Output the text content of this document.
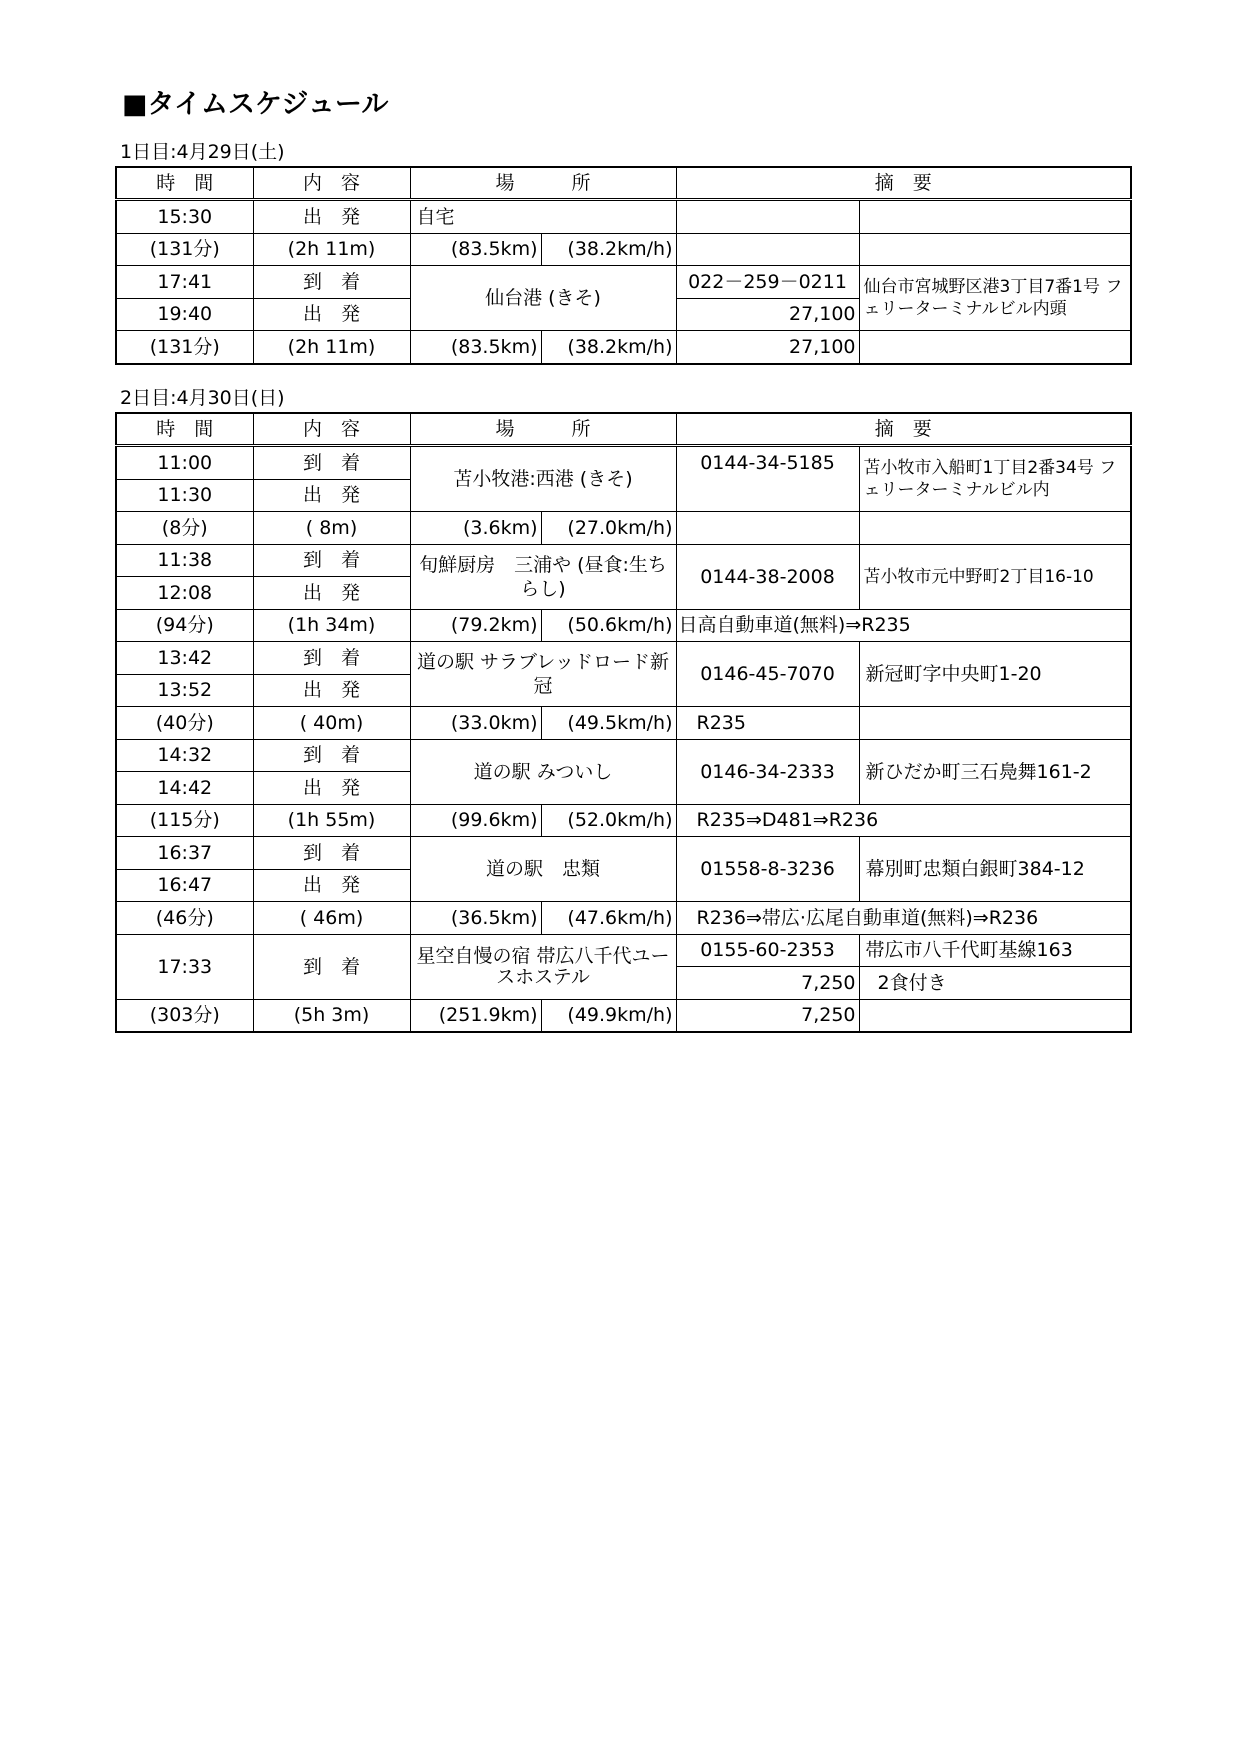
■タイムスケジュール
1日目:4月29日(土)
時　間	内　容	場　　　所		摘　要	
15:30	出　発	自宅			
(131分)	(2h 11m)	(83.5km)	(38.2km/h)		
17:41	到　着	仙台港 (きそ)		022－259－0211	仙台市宮城野区港3丁目7番1号 フェリーターミナルビル内頭
19:40	出　発			27,100	
(131分)	(2h 11m)	(83.5km)	(38.2km/h)	27,100	
2日目:4月30日(日)
時　間	内　容	場　　　所		摘　要	
11:00	到　着	苫小牧港:西港 (きそ)		0144-34-5185	苫小牧市入船町1丁目2番34号 フェリーターミナルビル内
11:30	出　発				
(8分)	( 8m)	(3.6km)	(27.0km/h)		
11:38	到　着	旬鮮厨房　三浦や (昼食:生ちらし)		0144-38-2008	苫小牧市元中野町2丁目16-10
12:08	出　発				
(94分)	(1h 34m)	(79.2km)	(50.6km/h)	日高自動車道(無料)⇒R235	
13:42	到　着	道の駅 サラブレッドロード新冠		0146-45-7070	新冠町字中央町1-20
13:52	出　発				
(40分)	( 40m)	(33.0km)	(49.5km/h)	R235	
14:32	到　着	道の駅 みついし		0146-34-2333	新ひだか町三石鳧舞161-2
14:42	出　発				
(115分)	(1h 55m)	(99.6km)	(52.0km/h)	R235⇒D481⇒R236	
16:37	到　着	道の駅　忠類		01558-8-3236	幕別町忠類白銀町384-12
16:47	出　発				
(46分)	( 46m)	(36.5km)	(47.6km/h)	R236⇒帯広·広尾自動車道(無料)⇒R236	
17:33	到　着	星空自慢の宿 帯広八千代ユースホステル		0155-60-2353	帯広市八千代町基線163
				7,250	2食付き
(303分)	(5h 3m)	(251.9km)	(49.9km/h)	7,250	
